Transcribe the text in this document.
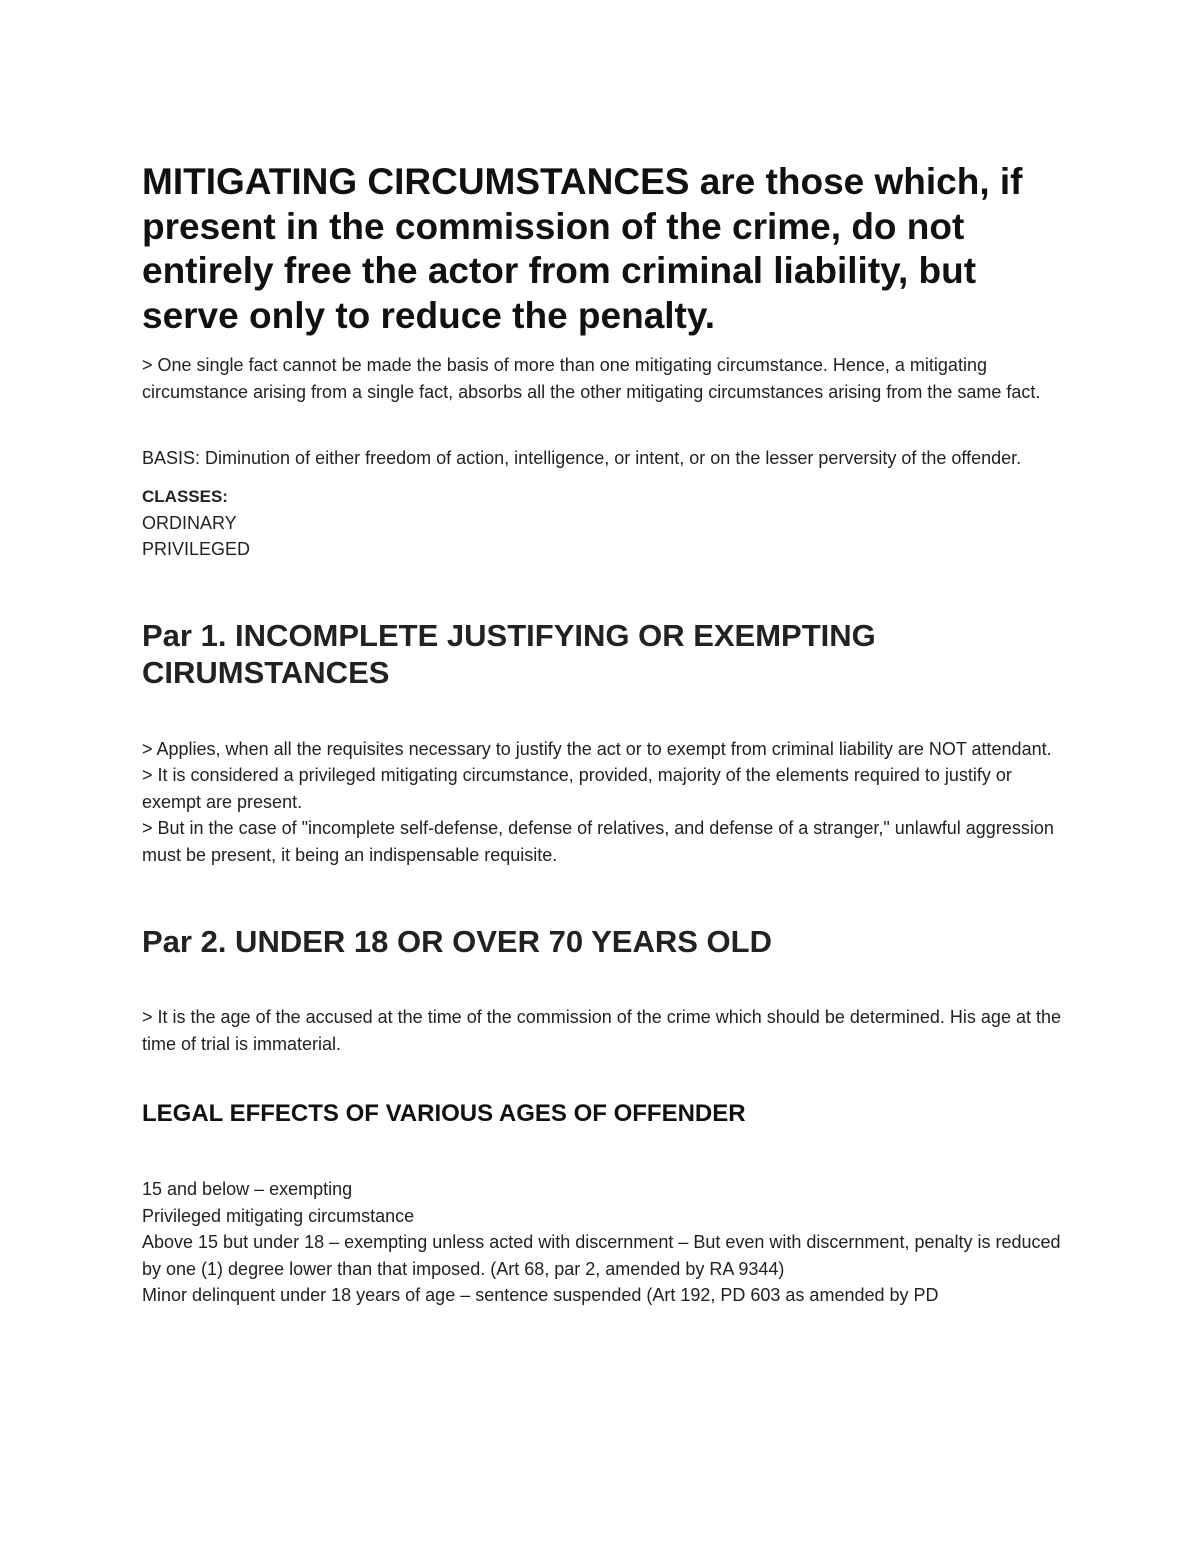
MITIGATING CIRCUMSTANCES are those which, if present in the commission of the crime, do not entirely free the actor from criminal liability, but serve only to reduce the penalty.

> One single fact cannot be made the basis of more than one mitigating circumstance. Hence, a mitigating circumstance arising from a single fact, absorbs all the other mitigating circumstances arising from the same fact.

BASIS: Diminution of either freedom of action, intelligence, or intent, or on the lesser perversity of the offender.

CLASSES:

ORDINARY

PRIVILEGED

Par 1. INCOMPLETE JUSTIFYING OR EXEMPTING CIRUMSTANCES

> Applies, when all the requisites necessary to justify the act or to exempt from criminal liability are NOT attendant.

> It is considered a privileged mitigating circumstance, provided, majority of the elements required to justify or exempt are present.

> But in the case of "incomplete self-defense, defense of relatives, and defense of a stranger," unlawful aggression must be present, it being an indispensable requisite.

Par 2. UNDER 18 OR OVER 70 YEARS OLD

> It is the age of the accused at the time of the commission of the crime which should be determined. His age at the time of trial is immaterial.

LEGAL EFFECTS OF VARIOUS AGES OF OFFENDER

15 and below – exempting

Privileged mitigating circumstance

Above 15 but under 18 – exempting unless acted with discernment – But even with discernment, penalty is reduced by one (1) degree lower than that imposed. (Art 68, par 2, amended by RA 9344)

Minor delinquent under 18 years of age – sentence suspended (Art 192, PD 603 as amended by PD
